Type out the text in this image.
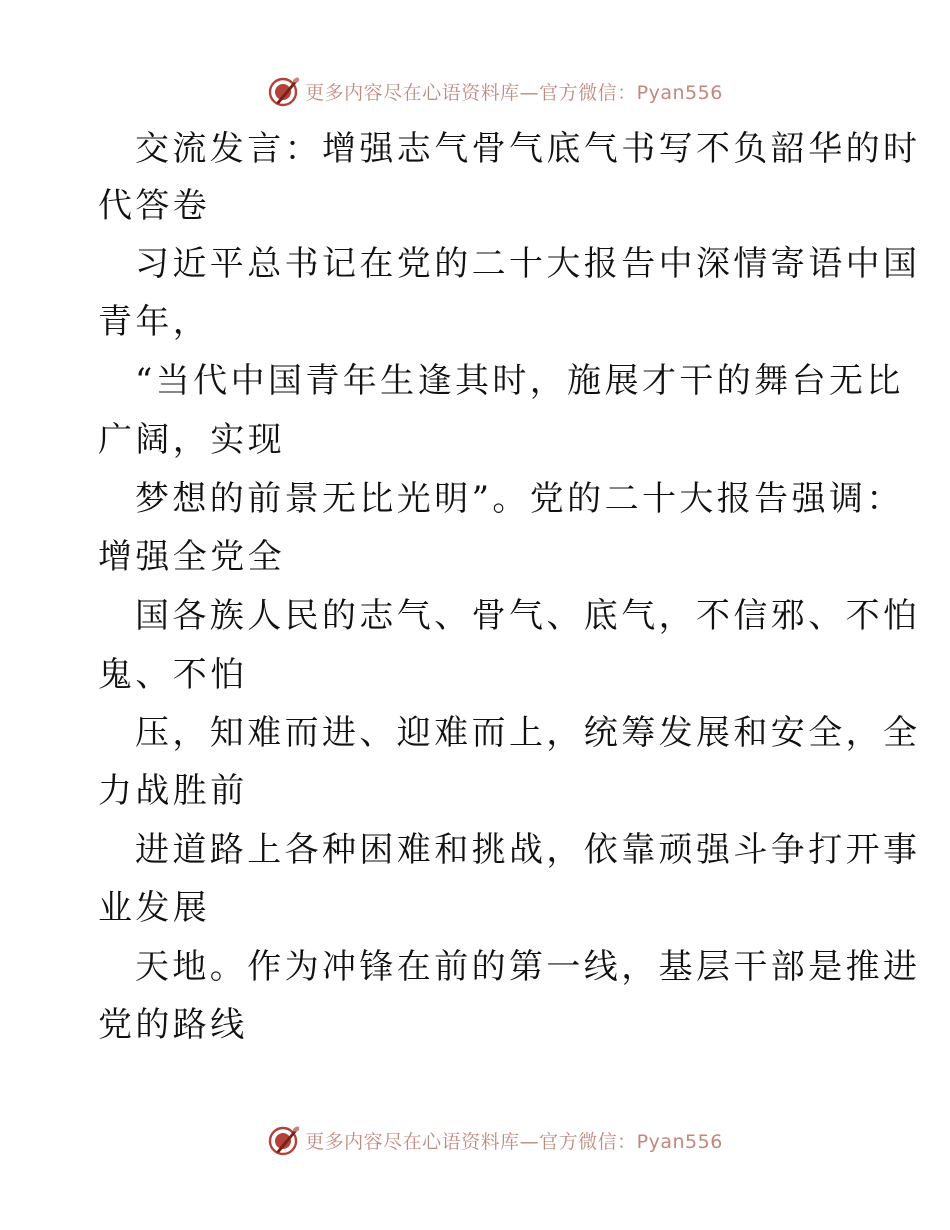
更多内容尽在心语资料库—官方微信：Pyan556
交流发言：增强志气骨气底气书写不负韶华的时
代答卷
习近平总书记在党的二十大报告中深情寄语中国
青年，
“当代中国青年生逢其时，施展才干的舞台无比
广阔，实现
梦想的前景无比光明”。党的二十大报告强调：
增强全党全
国各族人民的志气、骨气、底气，不信邪、不怕
鬼、不怕
压，知难而进、迎难而上，统筹发展和安全，全
力战胜前
进道路上各种困难和挑战，依靠顽强斗争打开事
业发展
天地。作为冲锋在前的第一线，基层干部是推进
党的路线
更多内容尽在心语资料库—官方微信：Pyan556
